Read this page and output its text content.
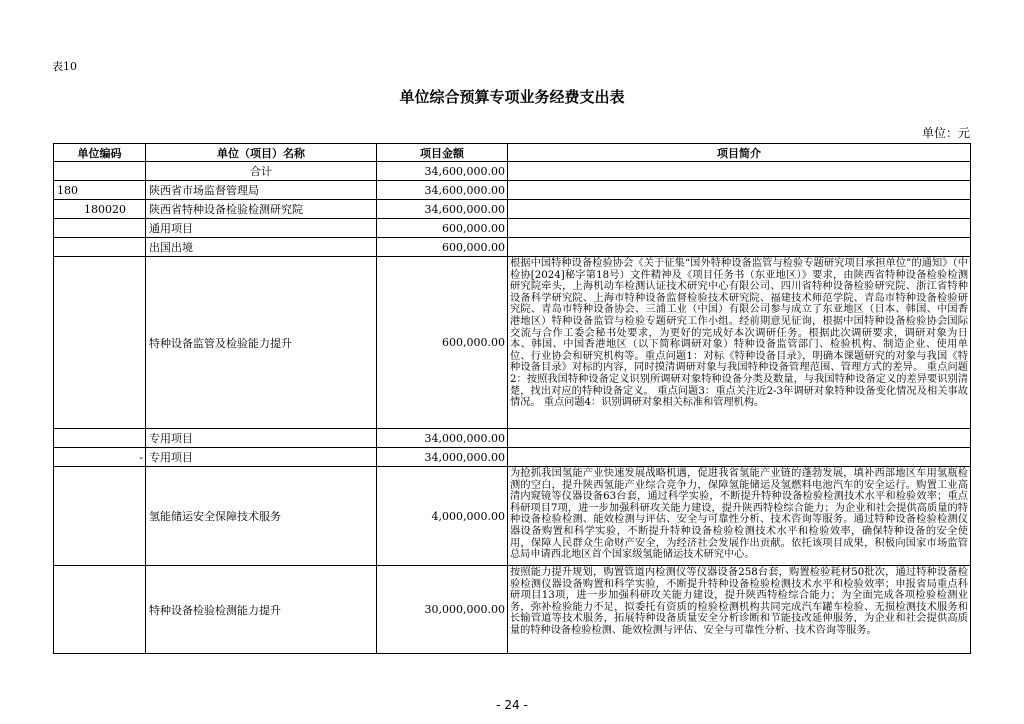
表10
单位综合预算专项业务经费支出表
单位：元
单位编码	单位（项目）名称	项目金额	项目简介
	合计	34,600,000.00	
180	陕西省市场监督管理局	34,600,000.00	
180020	陕西省特种设备检验检测研究院	34,600,000.00	
	通用项目	600,000.00	
	出国出境	600,000.00	
	特种设备监管及检验能力提升	600,000.00	根据中国特种设备检验协会《关于征集“国外特种设备监管与检验专题研究项目承担单位”的通知》（中检协[2024]秘字第18号）文件精神及《项目任务书（东亚地区）》要求，由陕西省特种设备检验检测研究院牵头，上海机动车检测认证技术研究中心有限公司、四川省特种设备检验研究院、浙江省特种设备科学研究院、上海市特种设备监督检验技术研究院、福建技术师范学院、青岛市特种设备检验研究院、青岛市特种设备协会、三浦工业（中国）有限公司参与成立了东亚地区（日本、韩国、中国香港地区）特种设备监管与检验专题研究工作小组。经前期意见征询，根据中国特种设备检验协会国际交流与合作工委会秘书处要求，为更好的完成好本次调研任务。根据此次调研要求，调研对象为日本、韩国、中国香港地区（以下简称调研对象）特种设备监管部门、检验机构、制造企业、使用单位、行业协会和研究机构等。重点问题1：对标《特种设备目录》，明确本课题研究的对象与我国《特种设备目录》对标的内容，同时摸清调研对象与我国特种设备管理范围、管理方式的差异。 重点问题2：按照我国特种设备定义识别所调研对象特种设备分类及数量，与我国特种设备定义的差异要识别清楚，找出对应的特种设备定义。 重点问题3：重点关注近2-3年调研对象特种设备变化情况及相关事故情况。 重点问题4：识别调研对象相关标准和管理机构。
	专用项目	34,000,000.00	
-	专用项目	34,000,000.00	
	氢能储运安全保障技术服务	4,000,000.00	为抢抓我国氢能产业快速发展战略机遇，促进我省氢能产业链的蓬勃发展，填补西部地区车用氢瓶检测的空白，提升陕西氢能产业综合竞争力，保障氢能储运及氢燃料电池汽车的安全运行。购置工业高清内窥镜等仪器设备63台套，通过科学实验，不断提升特种设备检验检测技术水平和检验效率；重点科研项目7项，进一步加强科研攻关能力建设，提升陕西特检综合能力；为企业和社会提供高质量的特种设备检验检测、能效检测与评估、安全与可靠性分析、技术咨询等服务。通过特种设备检验检测仪器设备购置和科学实验，不断提升特种设备检验检测技术水平和检验效率，确保特种设备的安全使用，保障人民群众生命财产安全，为经济社会发展作出贡献。依托该项目成果，积极向国家市场监管总局申请西北地区首个国家级氢能储运技术研究中心。
	特种设备检验检测能力提升	30,000,000.00	按照能力提升规划，购置管道内检测仪等仪器设备258台套，购置检验耗材50批次，通过特种设备检验检测仪器设备购置和科学实验，不断提升特种设备检验检测技术水平和检验效率；申报省局重点科研项目13项，进一步加强科研攻关能力建设，提升陕西特检综合能力；为全面完成各项检验检测业务，弥补检验能力不足，拟委托有资质的检验检测机构共同完成汽车罐车检验、无损检测技术服务和长输管道等技术服务，拓展特种设备质量安全分析诊断和节能技改延伸服务，为企业和社会提供高质量的特种设备检验检测、能效检测与评估、安全与可靠性分析、技术咨询等服务。
- 24 -
